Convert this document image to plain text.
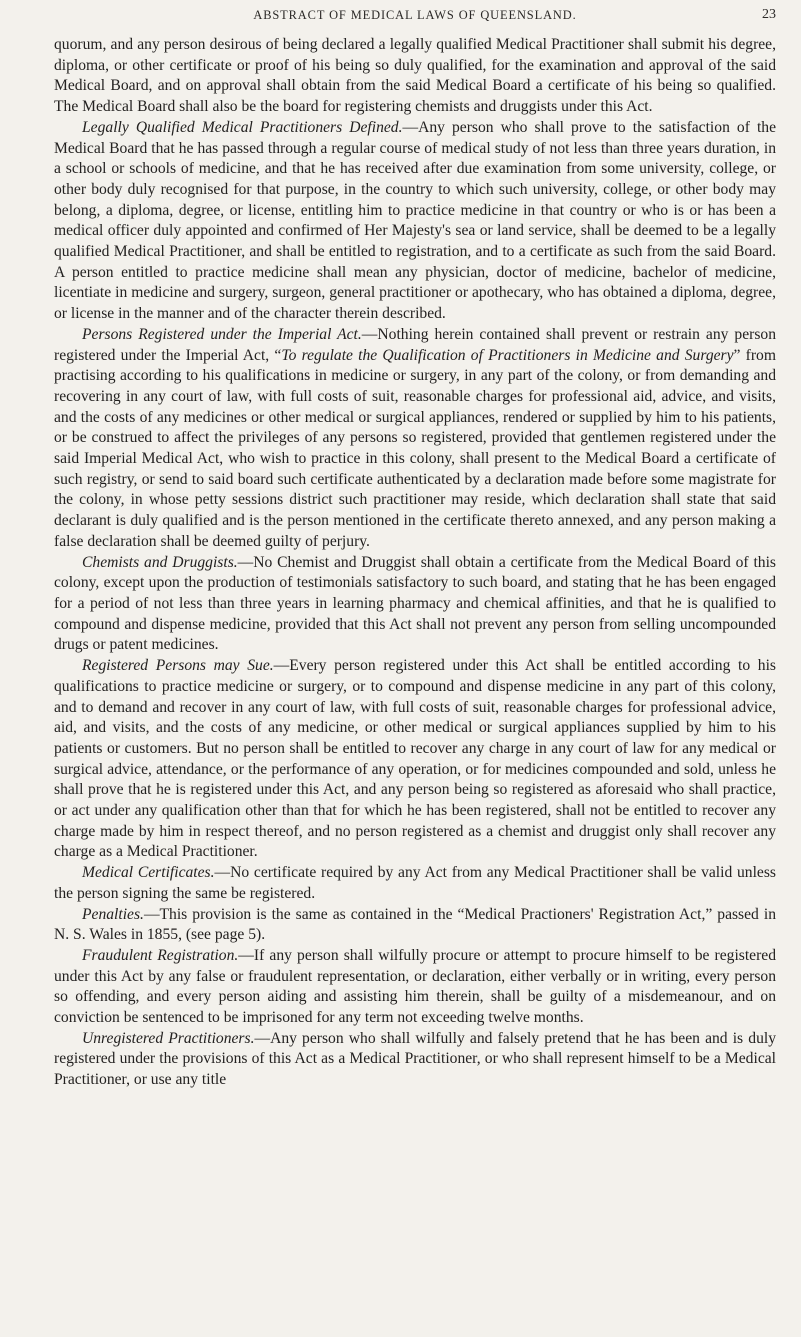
ABSTRACT OF MEDICAL LAWS OF QUEENSLAND.	23

quorum, and any person desirous of being declared a legally qualified Medical Practitioner shall submit his degree, diploma, or other certificate or proof of his being so duly qualified, for the examination and approval of the said Medical Board, and on approval shall obtain from the said Medical Board a certificate of his being so qualified. The Medical Board shall also be the board for registering chemists and druggists under this Act.

Legally Qualified Medical Practitioners Defined.—Any person who shall prove to the satisfaction of the Medical Board that he has passed through a regular course of medical study of not less than three years duration, in a school or schools of medicine, and that he has received after due examination from some university, college, or other body duly recognised for that purpose, in the country to which such university, college, or other body may belong, a diploma, degree, or license, entitling him to practice medicine in that country or who is or has been a medical officer duly appointed and confirmed of Her Majesty's sea or land service, shall be deemed to be a legally qualified Medical Practitioner, and shall be entitled to registration, and to a certificate as such from the said Board. A person entitled to practice medicine shall mean any physician, doctor of medicine, bachelor of medicine, licentiate in medicine and surgery, surgeon, general practitioner or apothecary, who has obtained a diploma, degree, or license in the manner and of the character therein described.

Persons Registered under the Imperial Act.—Nothing herein contained shall prevent or restrain any person registered under the Imperial Act, “To regulate the Qualification of Practitioners in Medicine and Surgery” from practising according to his qualifications in medicine or surgery, in any part of the colony, or from demanding and recovering in any court of law, with full costs of suit, reasonable charges for professional aid, advice, and visits, and the costs of any medicines or other medical or surgical appliances, rendered or supplied by him to his patients, or be construed to affect the privileges of any persons so registered, provided that gentlemen registered under the said Imperial Medical Act, who wish to practice in this colony, shall present to the Medical Board a certificate of such registry, or send to said board such certificate authenticated by a declaration made before some magistrate for the colony, in whose petty sessions district such practitioner may reside, which declaration shall state that said declarant is duly qualified and is the person mentioned in the certificate thereto annexed, and any person making a false declaration shall be deemed guilty of perjury.

Chemists and Druggists.—No Chemist and Druggist shall obtain a certificate from the Medical Board of this colony, except upon the production of testimonials satisfactory to such board, and stating that he has been engaged for a period of not less than three years in learning pharmacy and chemical affinities, and that he is qualified to compound and dispense medicine, provided that this Act shall not prevent any person from selling uncompounded drugs or patent medicines.

Registered Persons may Sue.—Every person registered under this Act shall be entitled according to his qualifications to practice medicine or surgery, or to compound and dispense medicine in any part of this colony, and to demand and recover in any court of law, with full costs of suit, reasonable charges for professional advice, aid, and visits, and the costs of any medicine, or other medical or surgical appliances supplied by him to his patients or customers. But no person shall be entitled to recover any charge in any court of law for any medical or surgical advice, attendance, or the performance of any operation, or for medicines compounded and sold, unless he shall prove that he is registered under this Act, and any person being so registered as aforesaid who shall practice, or act under any qualification other than that for which he has been registered, shall not be entitled to recover any charge made by him in respect thereof, and no person registered as a chemist and druggist only shall recover any charge as a Medical Practitioner.

Medical Certificates.—No certificate required by any Act from any Medical Practitioner shall be valid unless the person signing the same be registered.

Penalties.—This provision is the same as contained in the “Medical Practioners' Registration Act,” passed in N. S. Wales in 1855, (see page 5).

Fraudulent Registration.—If any person shall wilfully procure or attempt to procure himself to be registered under this Act by any false or fraudulent representation, or declaration, either verbally or in writing, every person so offending, and every person aiding and assisting him therein, shall be guilty of a misdemeanour, and on conviction be sentenced to be imprisoned for any term not exceeding twelve months.

Unregistered Practitioners.—Any person who shall wilfully and falsely pretend that he has been and is duly registered under the provisions of this Act as a Medical Practitioner, or who shall represent himself to be a Medical Practitioner, or use any title
